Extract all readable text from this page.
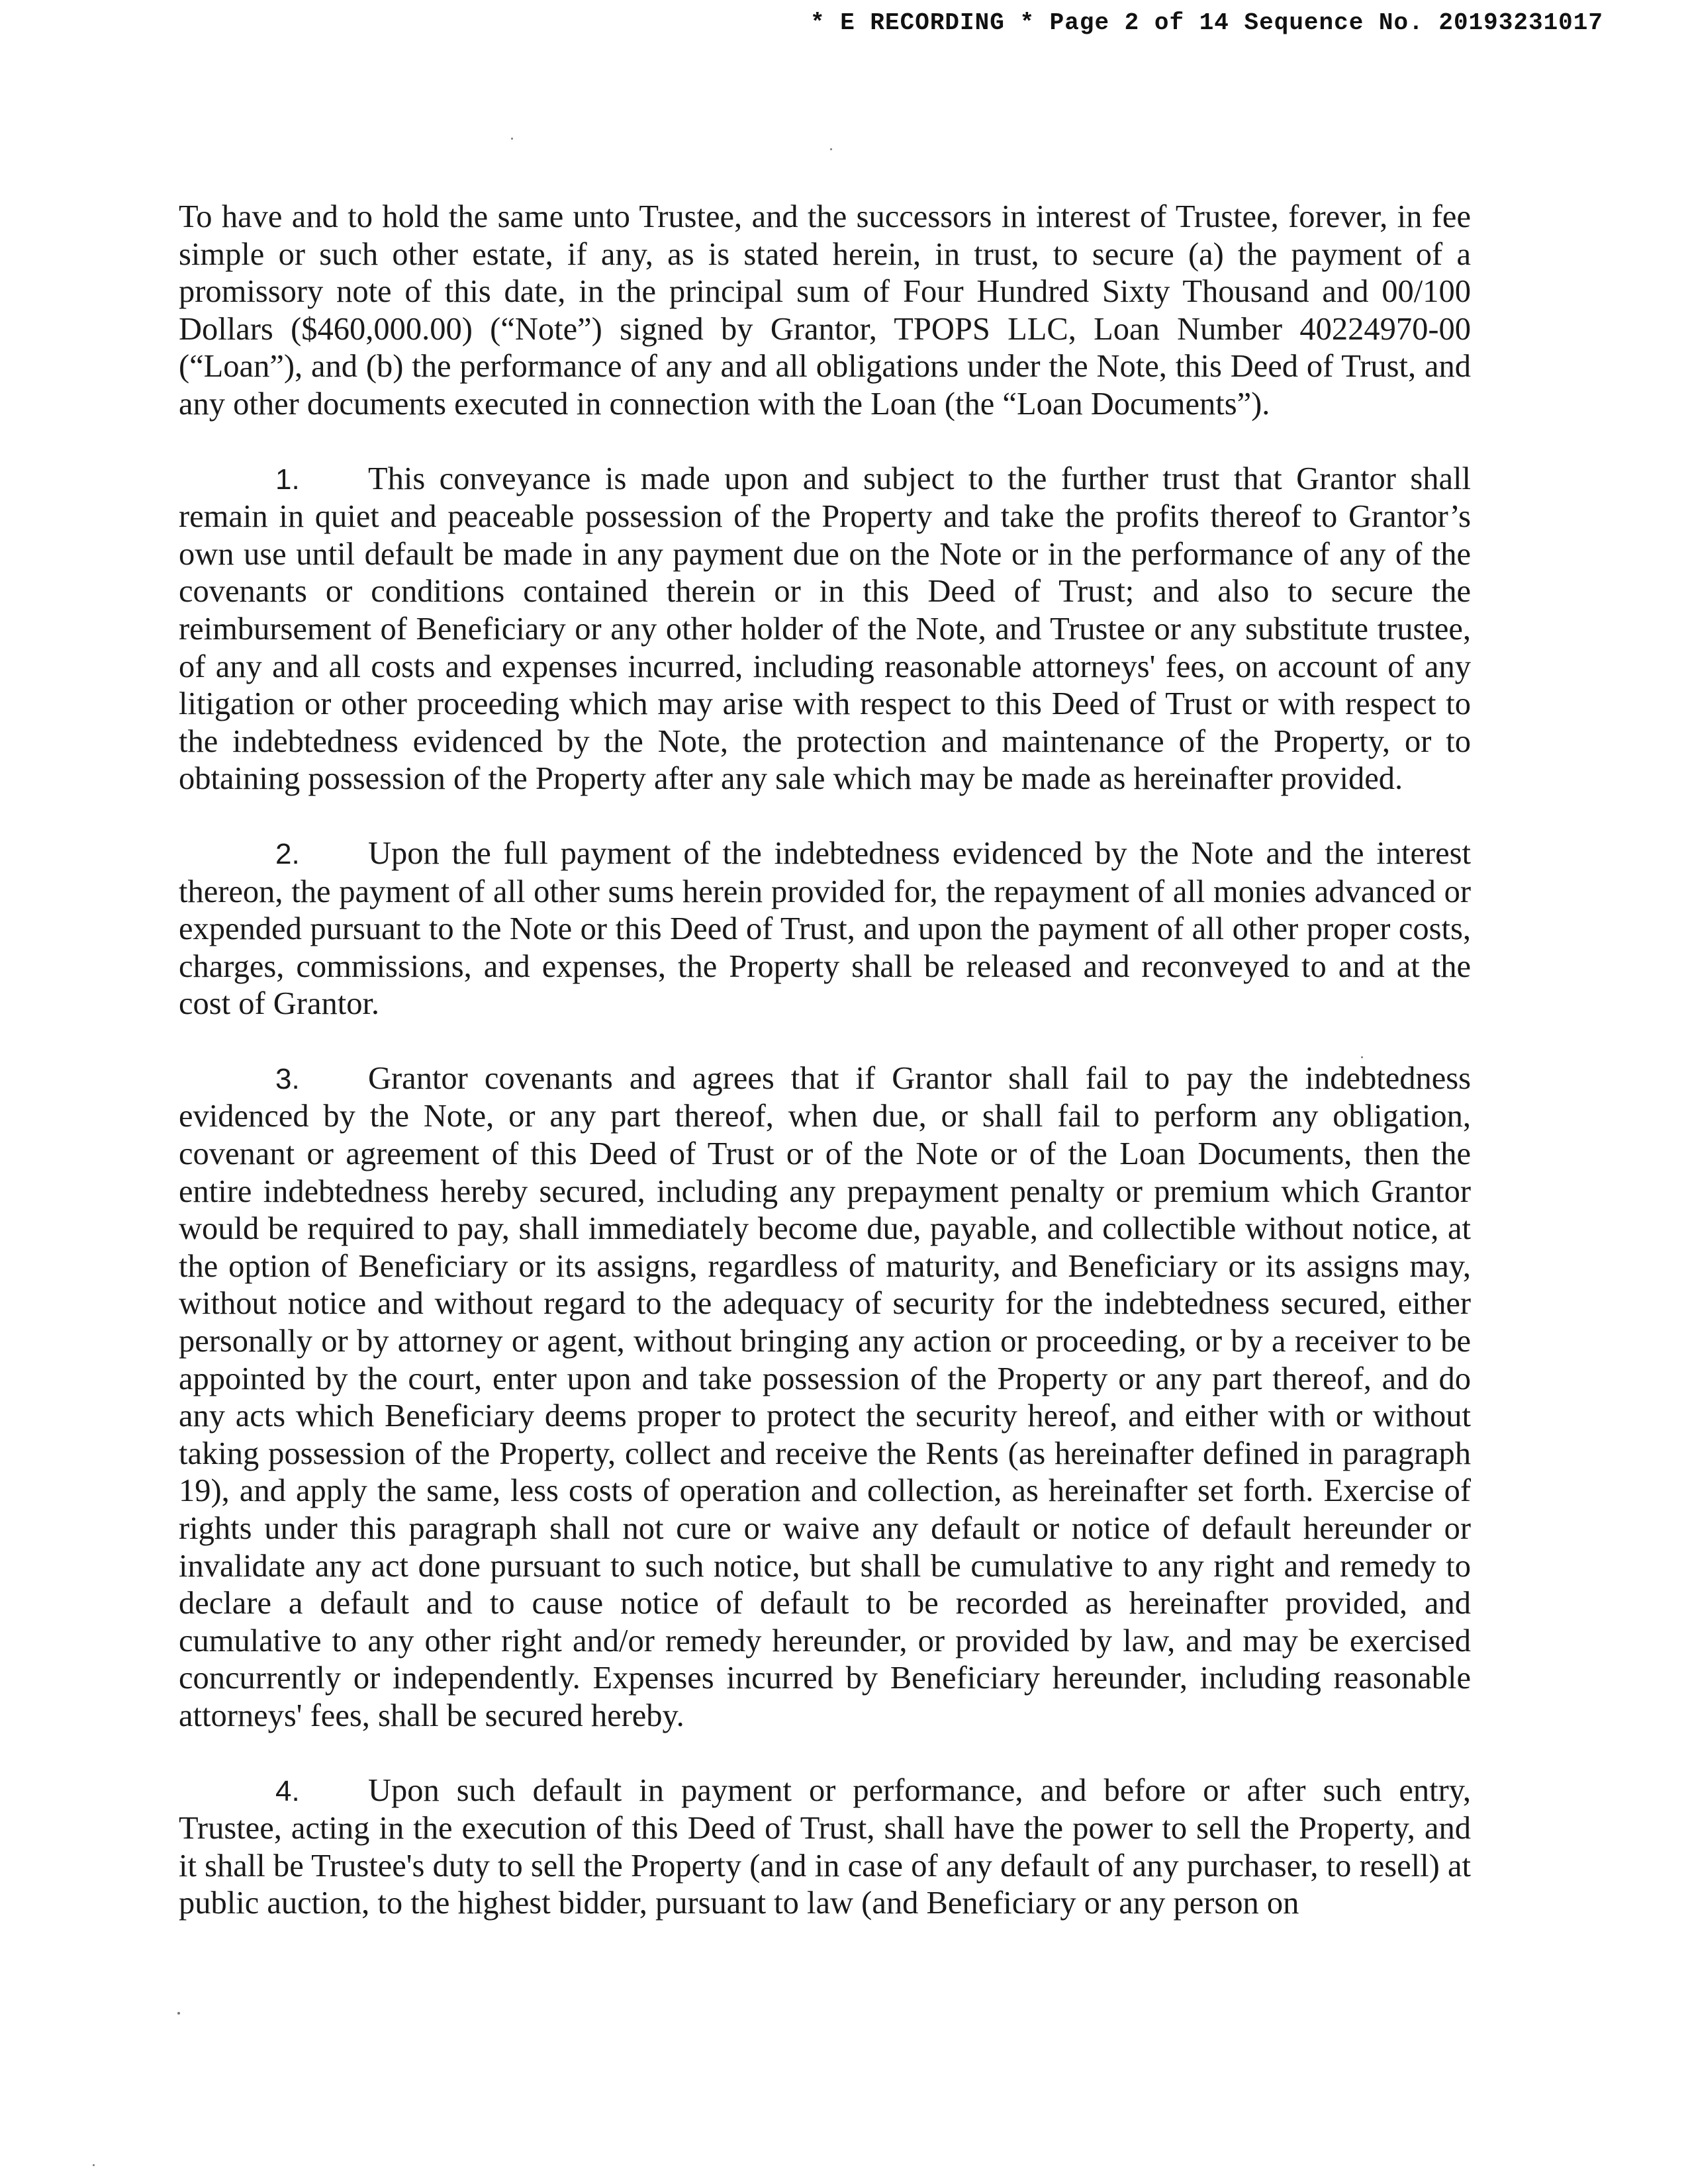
* E RECORDING * Page 2 of 14 Sequence No. 20193231017

To have and to hold the same unto Trustee, and the successors in interest of Trustee, forever, in fee simple or such other estate, if any, as is stated herein, in trust, to secure (a) the payment of a promissory note of this date, in the principal sum of Four Hundred Sixty Thousand and 00/100 Dollars ($460,000.00) (“Note”) signed by Grantor, TPOPS LLC, Loan Number 40224970-00 (“Loan”), and (b) the performance of any and all obligations under the Note, this Deed of Trust, and any other documents executed in connection with the Loan (the “Loan Documents”).

1. This conveyance is made upon and subject to the further trust that Grantor shall remain in quiet and peaceable possession of the Property and take the profits thereof to Grantor’s own use until default be made in any payment due on the Note or in the performance of any of the covenants or conditions contained therein or in this Deed of Trust; and also to secure the reimbursement of Beneficiary or any other holder of the Note, and Trustee or any substitute trustee, of any and all costs and expenses incurred, including reasonable attorneys' fees, on account of any litigation or other proceeding which may arise with respect to this Deed of Trust or with respect to the indebtedness evidenced by the Note, the protection and maintenance of the Property, or to obtaining possession of the Property after any sale which may be made as hereinafter provided.

2. Upon the full payment of the indebtedness evidenced by the Note and the interest thereon, the payment of all other sums herein provided for, the repayment of all monies advanced or expended pursuant to the Note or this Deed of Trust, and upon the payment of all other proper costs, charges, commissions, and expenses, the Property shall be released and reconveyed to and at the cost of Grantor.

3. Grantor covenants and agrees that if Grantor shall fail to pay the indebtedness evidenced by the Note, or any part thereof, when due, or shall fail to perform any obligation, covenant or agreement of this Deed of Trust or of the Note or of the Loan Documents, then the entire indebtedness hereby secured, including any prepayment penalty or premium which Grantor would be required to pay, shall immediately become due, payable, and collectible without notice, at the option of Beneficiary or its assigns, regardless of maturity, and Beneficiary or its assigns may, without notice and without regard to the adequacy of security for the indebtedness secured, either personally or by attorney or agent, without bringing any action or proceeding, or by a receiver to be appointed by the court, enter upon and take possession of the Property or any part thereof, and do any acts which Beneficiary deems proper to protect the security hereof, and either with or without taking possession of the Property, collect and receive the Rents (as hereinafter defined in paragraph 19), and apply the same, less costs of operation and collection, as hereinafter set forth. Exercise of rights under this paragraph shall not cure or waive any default or notice of default hereunder or invalidate any act done pursuant to such notice, but shall be cumulative to any right and remedy to declare a default and to cause notice of default to be recorded as hereinafter provided, and cumulative to any other right and/or remedy hereunder, or provided by law, and may be exercised concurrently or independently. Expenses incurred by Beneficiary hereunder, including reasonable attorneys' fees, shall be secured hereby.

4. Upon such default in payment or performance, and before or after such entry, Trustee, acting in the execution of this Deed of Trust, shall have the power to sell the Property, and it shall be Trustee's duty to sell the Property (and in case of any default of any purchaser, to resell) at public auction, to the highest bidder, pursuant to law (and Beneficiary or any person on
